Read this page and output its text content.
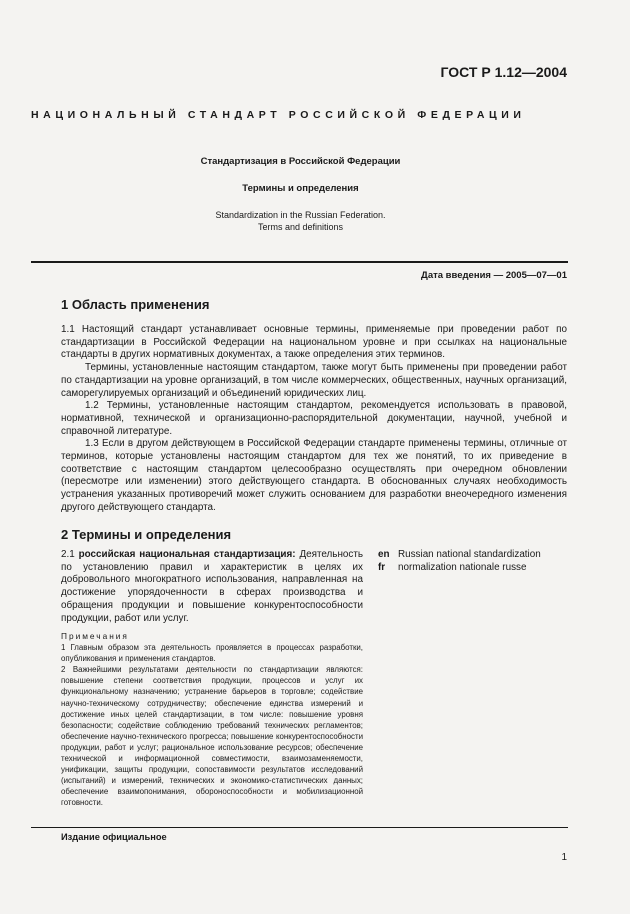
ГОСТ Р 1.12—2004
НАЦИОНАЛЬНЫЙ СТАНДАРТ РОССИЙСКОЙ ФЕДЕРАЦИИ
Стандартизация в Российской Федерации
Термины и определения
Standardization in the Russian Federation.
Terms and definitions
Дата введения — 2005—07—01
1 Область применения

1.1 Настоящий стандарт устанавливает основные термины, применяемые при проведении работ по стандартизации в Российской Федерации на национальном уровне и при ссылках на национальные стандарты в других нормативных документах, а также определения этих терминов.

Термины, установленные настоящим стандартом, также могут быть применены при проведении работ по стандартизации на уровне организаций, в том числе коммерческих, общественных, научных организаций, саморегулируемых организаций и объединений юридических лиц.

1.2 Термины, установленные настоящим стандартом, рекомендуется использовать в правовой, нормативной, технической и организационно-распорядительной документации, научной, учебной и справочной литературе.

1.3 Если в другом действующем в Российской Федерации стандарте применены термины, отличные от терминов, которые установлены настоящим стандартом для тех же понятий, то их приведение в соответствие с настоящим стандартом целесообразно осуществлять при очередном обновлении (пересмотре или изменении) этого действующего стандарта. В обоснованных случаях необходимость устранения указанных противоречий может служить основанием для разработки внеочередного изменения другого действующего стандарта.

2 Термины и определения

2.1 российская национальная стандартизация: Деятельность по установлению правил и характеристик в целях их добровольного многократного использования, направленная на достижение упорядоченности в сферах производства и обращения продукции и повышение конкурентоспособности продукции, работ или услуг.

en Russian national standardization
fr normalization nationale russe

Примечания

1 Главным образом эта деятельность проявляется в процессах разработки, опубликования и применения стандартов.

2 Важнейшими результатами деятельности по стандартизации являются: повышение степени соответствия продукции, процессов и услуг их функциональному назначению; устранение барьеров в торговле; содействие научно-техническому сотрудничеству; обеспечение единства измерений и достижение иных целей стандартизации, в том числе: повышение уровня безопасности; содействие соблюдению требований технических регламентов; обеспечение научно-технического прогресса; повышение конкурентоспособности продукции, работ и услуг; рациональное использование ресурсов; обеспечение технической и информационной совместимости, взаимозаменяемости, унификации, защиты продукции, сопоставимости результатов исследований (испытаний) и измерений, технических и экономико-статистических данных; обеспечение взаимопонимания, обороноспособности и мобилизационной готовности.

Издание официальное
1
